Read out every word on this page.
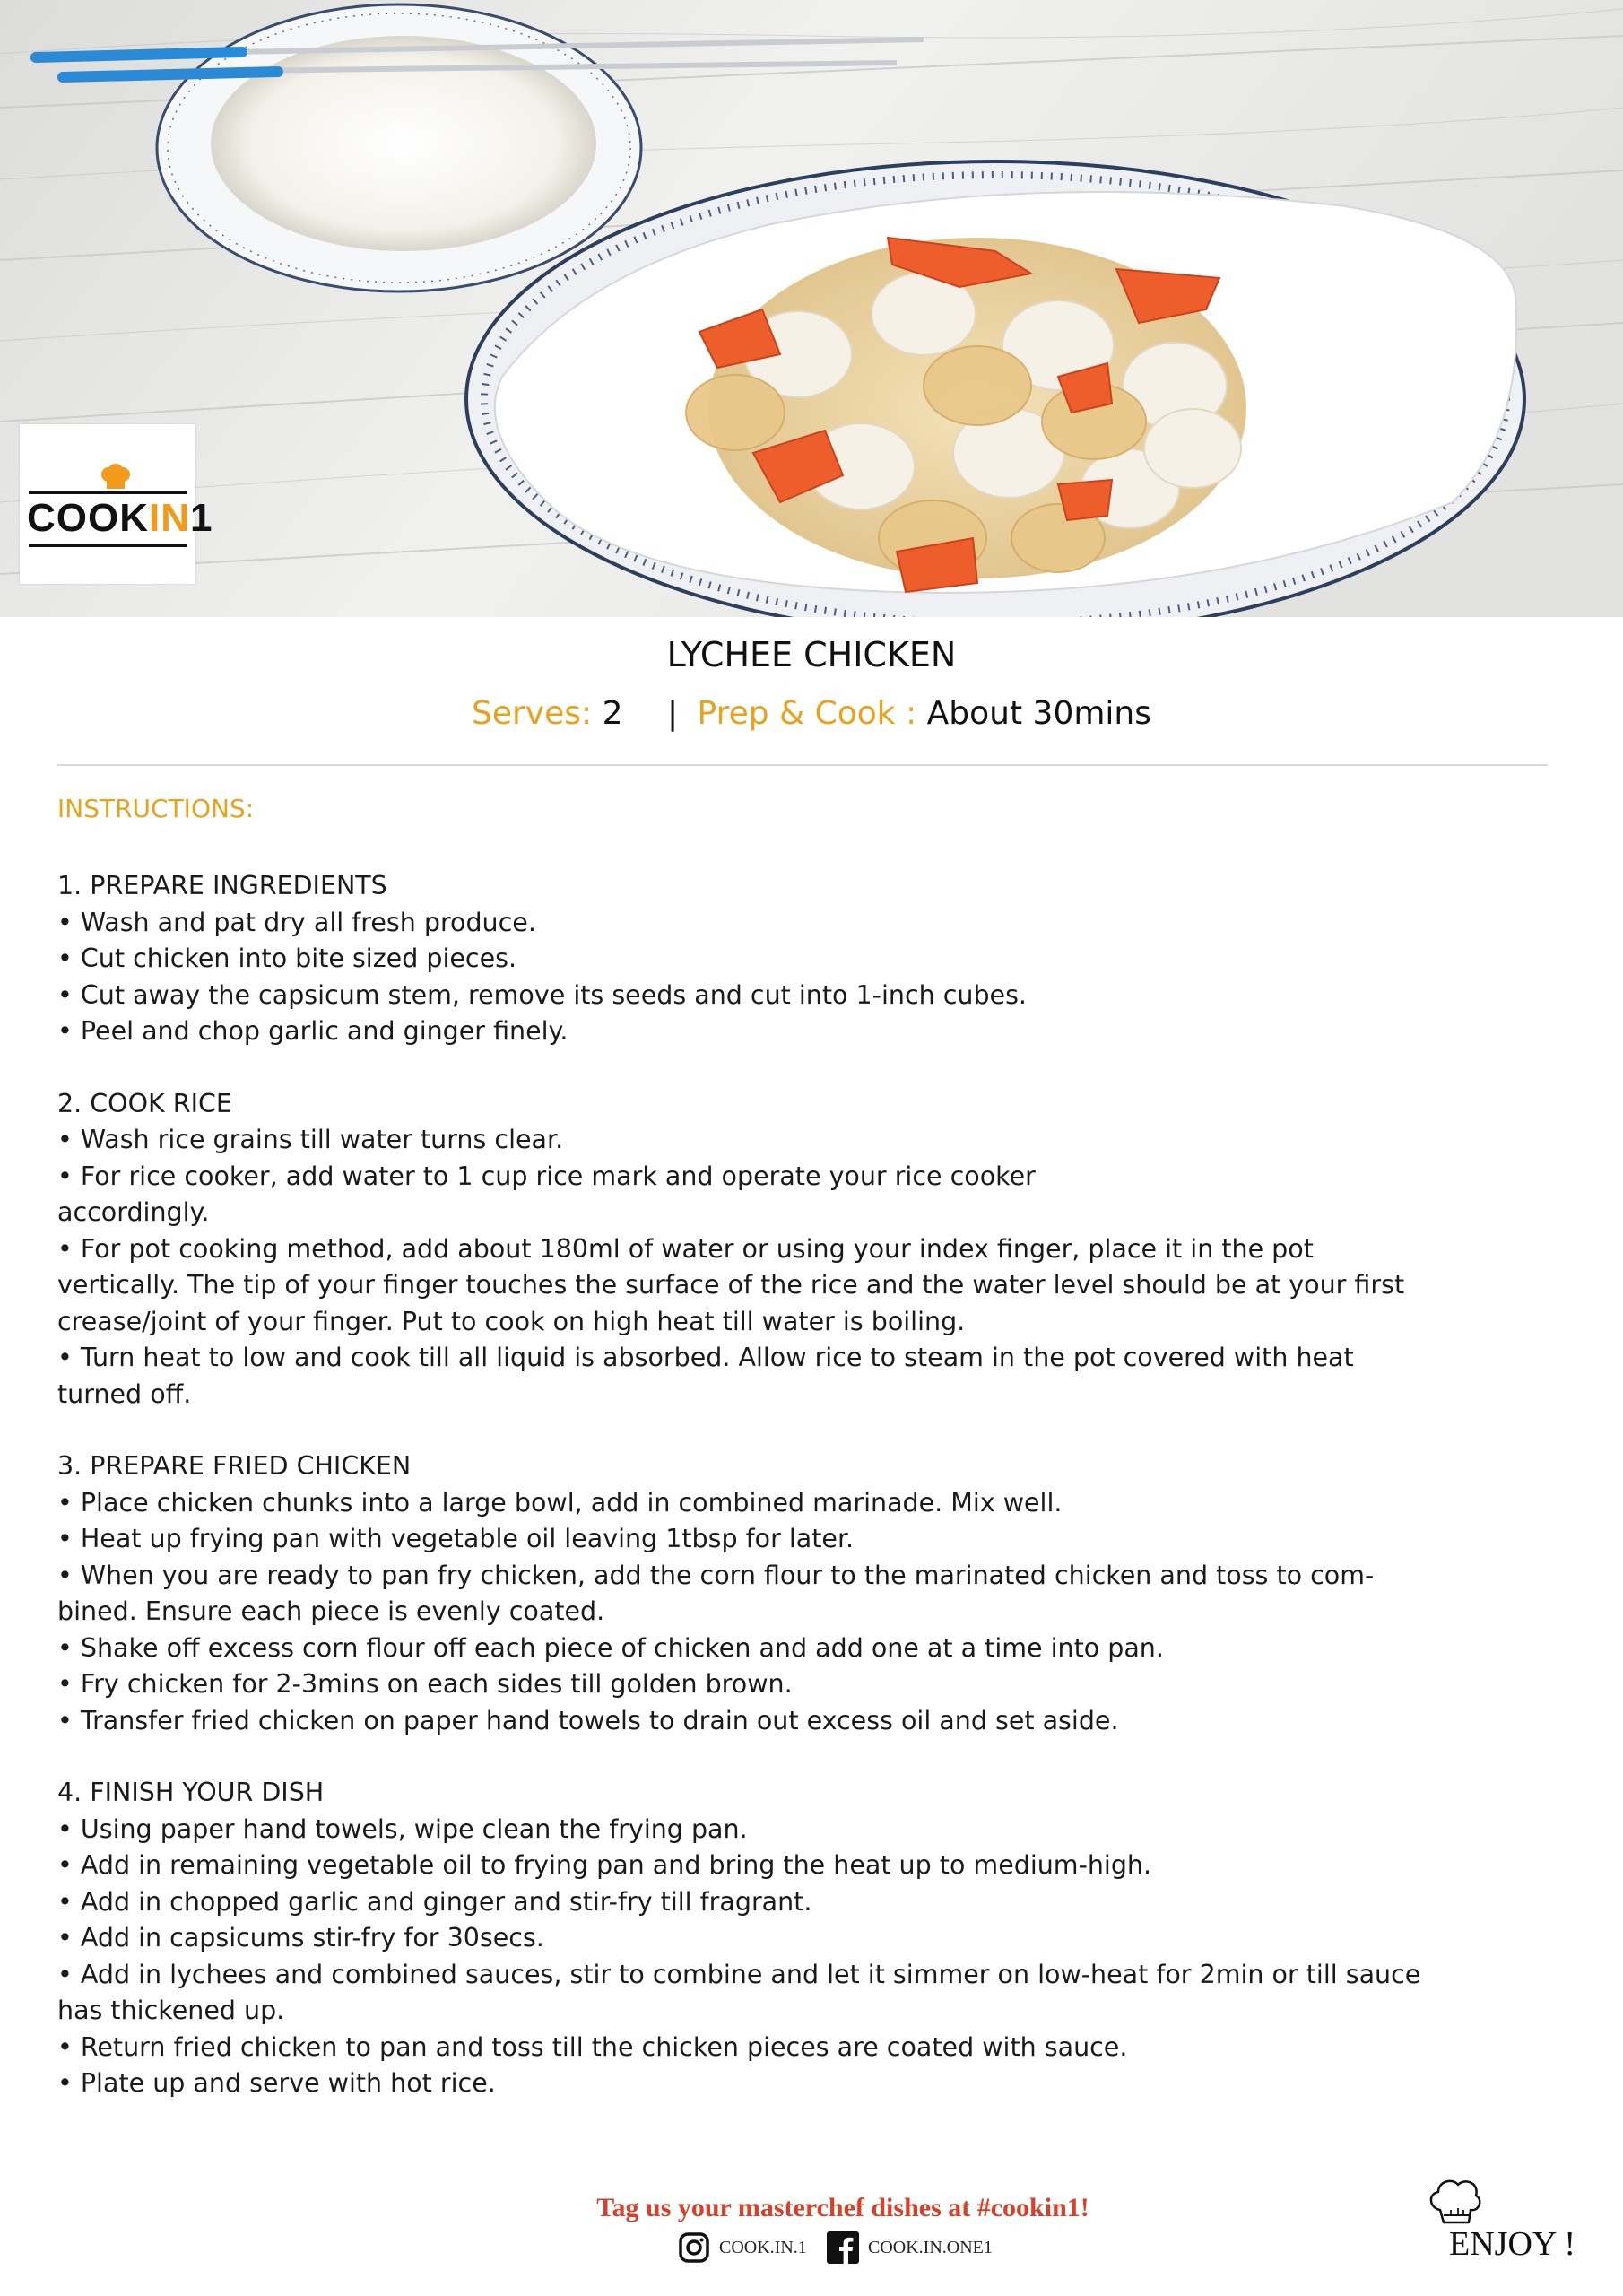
COOKIN1
LYCHEE CHICKEN
Serves: 2 | Prep & Cook : About 30mins
INSTRUCTIONS:
1. PREPARE INGREDIENTS
• Wash and pat dry all fresh produce.
• Cut chicken into bite sized pieces.
• Cut away the capsicum stem, remove its seeds and cut into 1-inch cubes.
• Peel and chop garlic and ginger finely.
2. COOK RICE
• Wash rice grains till water turns clear.
• For rice cooker, add water to 1 cup rice mark and operate your rice cooker
accordingly.
• For pot cooking method, add about 180ml of water or using your index finger, place it in the pot
vertically. The tip of your finger touches the surface of the rice and the water level should be at your first
crease/joint of your finger. Put to cook on high heat till water is boiling.
• Turn heat to low and cook till all liquid is absorbed. Allow rice to steam in the pot covered with heat
turned off.
3. PREPARE FRIED CHICKEN
• Place chicken chunks into a large bowl, add in combined marinade. Mix well.
• Heat up frying pan with vegetable oil leaving 1tbsp for later.
• When you are ready to pan fry chicken, add the corn flour to the marinated chicken and toss to com-
bined. Ensure each piece is evenly coated.
• Shake off excess corn flour off each piece of chicken and add one at a time into pan.
• Fry chicken for 2-3mins on each sides till golden brown.
• Transfer fried chicken on paper hand towels to drain out excess oil and set aside.
4. FINISH YOUR DISH
• Using paper hand towels, wipe clean the frying pan.
• Add in remaining vegetable oil to frying pan and bring the heat up to medium-high.
• Add in chopped garlic and ginger and stir-fry till fragrant.
• Add in capsicums stir-fry for 30secs.
• Add in lychees and combined sauces, stir to combine and let it simmer on low-heat for 2min or till sauce
has thickened up.
• Return fried chicken to pan and toss till the chicken pieces are coated with sauce.
• Plate up and serve with hot rice.
Tag us your masterchef dishes at #cookin1!
COOK.IN.1	COOK.IN.ONE1	ENJOY !
